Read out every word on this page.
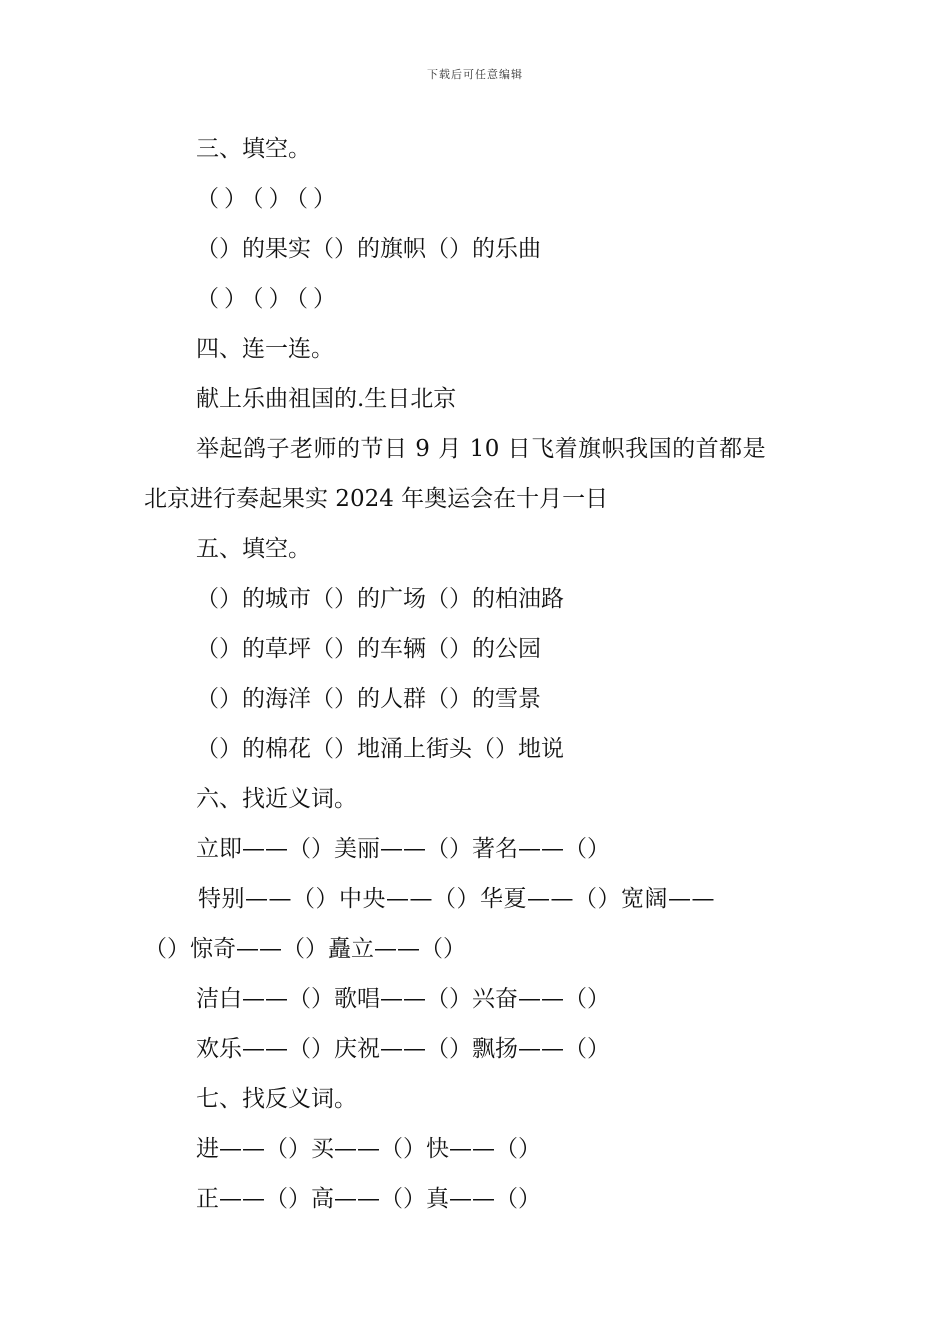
下载后可任意编辑
三、填空。
（）（）（）
（）的果实（）的旗帜（）的乐曲
（）（）（）
四、连一连。
献上乐曲祖国的.生日北京
举起鸽子老师的节日 9 月 10 日飞着旗帜我国的首都是
北京进行奏起果实 2024 年奥运会在十月一日
五、填空。
（）的城市（）的广场（）的柏油路
（）的草坪（）的车辆（）的公园
（）的海洋（）的人群（）的雪景
（）的棉花（）地涌上街头（）地说
六、找近义词。
立即——（）美丽——（）著名——（）
特别——（）中央——（）华夏——（）宽阔——
（）惊奇——（）矗立——（）
洁白——（）歌唱——（）兴奋——（）
欢乐——（）庆祝——（）飘扬——（）
七、找反义词。
进——（）买——（）快——（）
正——（）高——（）真——（）
